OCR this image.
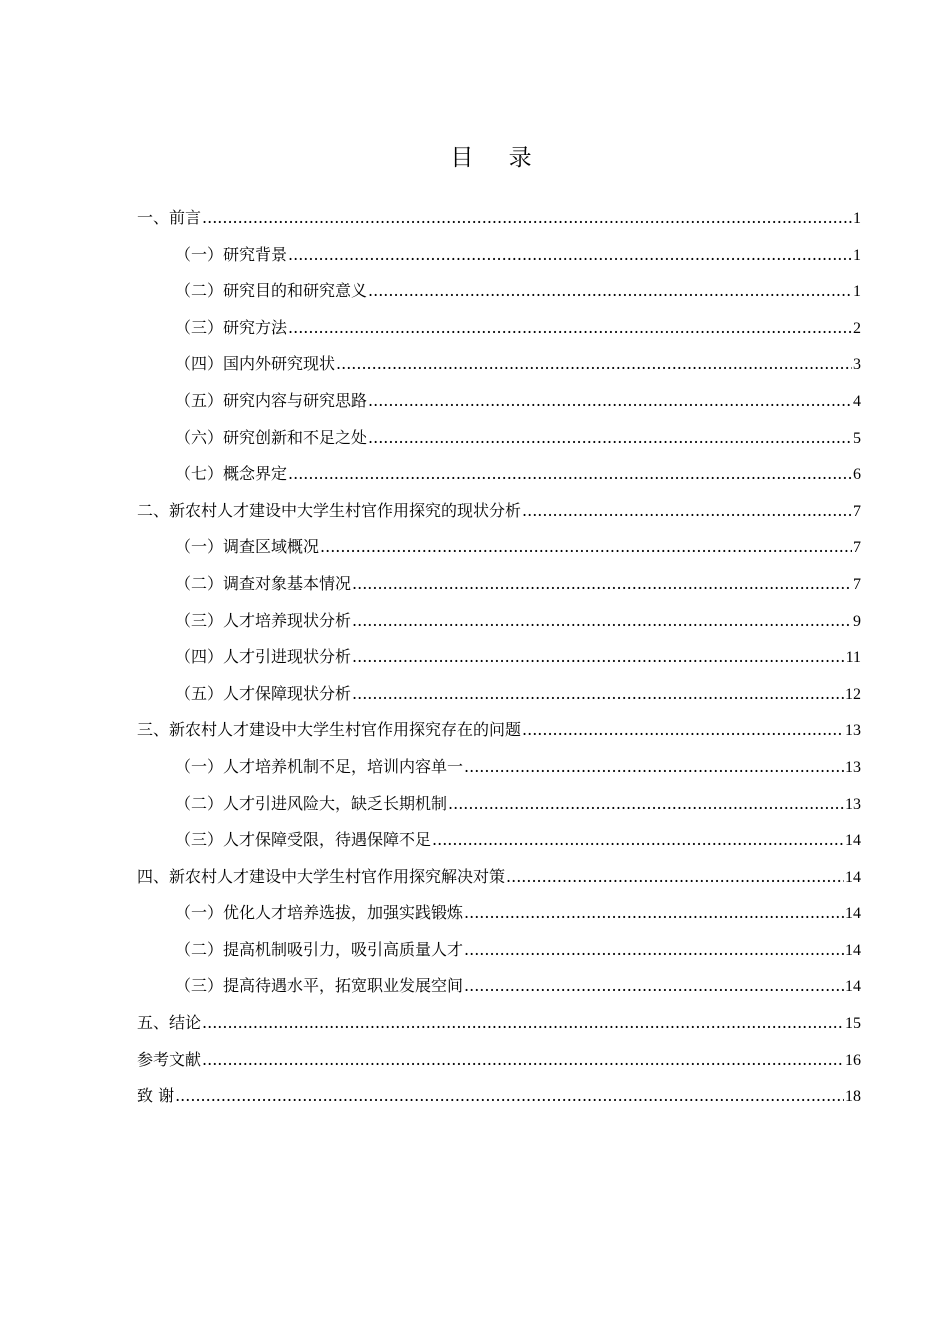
目 录
一、前言 .....	1
（一）研究背景 .....	1
（二）研究目的和研究意义 .....	1
（三）研究方法 .....	2
（四）国内外研究现状 .....	3
（五）研究内容与研究思路 .....	4
（六）研究创新和不足之处 .....	5
（七）概念界定 .....	6
二、新农村人才建设中大学生村官作用探究的现状分析 .....	7
（一）调查区域概况 .....	7
（二）调查对象基本情况 .....	7
（三）人才培养现状分析 .....	9
（四）人才引进现状分析 .....	11
（五）人才保障现状分析 .....	12
三、新农村人才建设中大学生村官作用探究存在的问题 .....	13
（一）人才培养机制不足，培训内容单一 .....	13
（二）人才引进风险大，缺乏长期机制 .....	13
（三）人才保障受限，待遇保障不足 .....	14
四、新农村人才建设中大学生村官作用探究解决对策 .....	14
（一）优化人才培养选拔，加强实践锻炼 .....	14
（二）提高机制吸引力，吸引高质量人才 .....	14
（三）提高待遇水平，拓宽职业发展空间 .....	14
五、结论 .....	15
参考文献 .....	16
致 谢 .....	18
